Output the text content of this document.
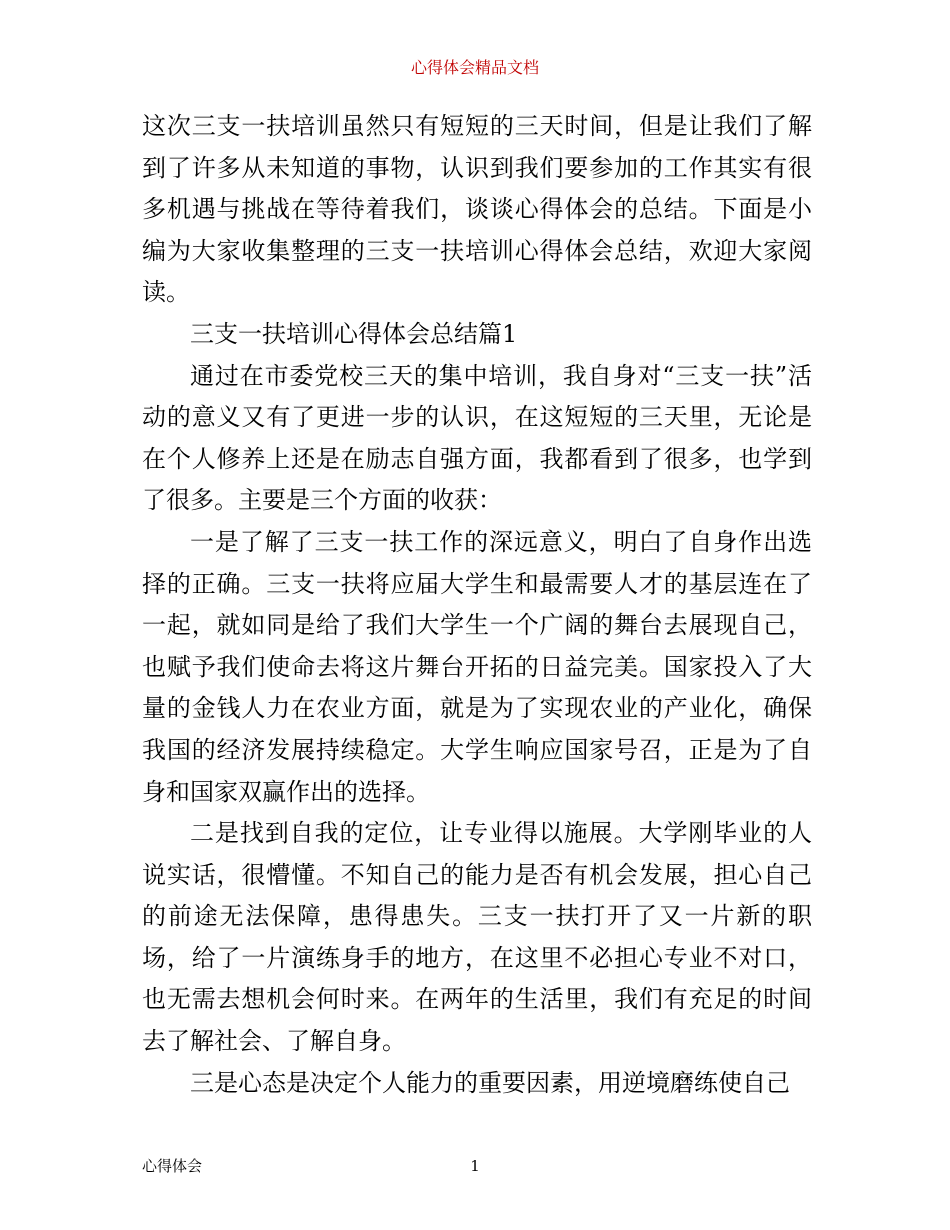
心得体会精品文档

这次三支一扶培训虽然只有短短的三天时间，但是让我们了解到了许多从未知道的事物，认识到我们要参加的工作其实有很多机遇与挑战在等待着我们，谈谈心得体会的总结。下面是小编为大家收集整理的三支一扶培训心得体会总结，欢迎大家阅读。

三支一扶培训心得体会总结篇1

通过在市委党校三天的集中培训，我自身对“三支一扶”活动的意义又有了更进一步的认识，在这短短的三天里，无论是在个人修养上还是在励志自强方面，我都看到了很多，也学到了很多。主要是三个方面的收获：

一是了解了三支一扶工作的深远意义，明白了自身作出选择的正确。三支一扶将应届大学生和最需要人才的基层连在了一起，就如同是给了我们大学生一个广阔的舞台去展现自己，也赋予我们使命去将这片舞台开拓的日益完美。国家投入了大量的金钱人力在农业方面，就是为了实现农业的产业化，确保我国的经济发展持续稳定。大学生响应国家号召，正是为了自身和国家双赢作出的选择。

二是找到自我的定位，让专业得以施展。大学刚毕业的人说实话，很懵懂。不知自己的能力是否有机会发展，担心自己的前途无法保障，患得患失。三支一扶打开了又一片新的职场，给了一片演练身手的地方，在这里不必担心专业不对口，也无需去想机会何时来。在两年的生活里，我们有充足的时间去了解社会、了解自身。

三是心态是决定个人能力的重要因素，用逆境磨练使自己

心得体会	1
